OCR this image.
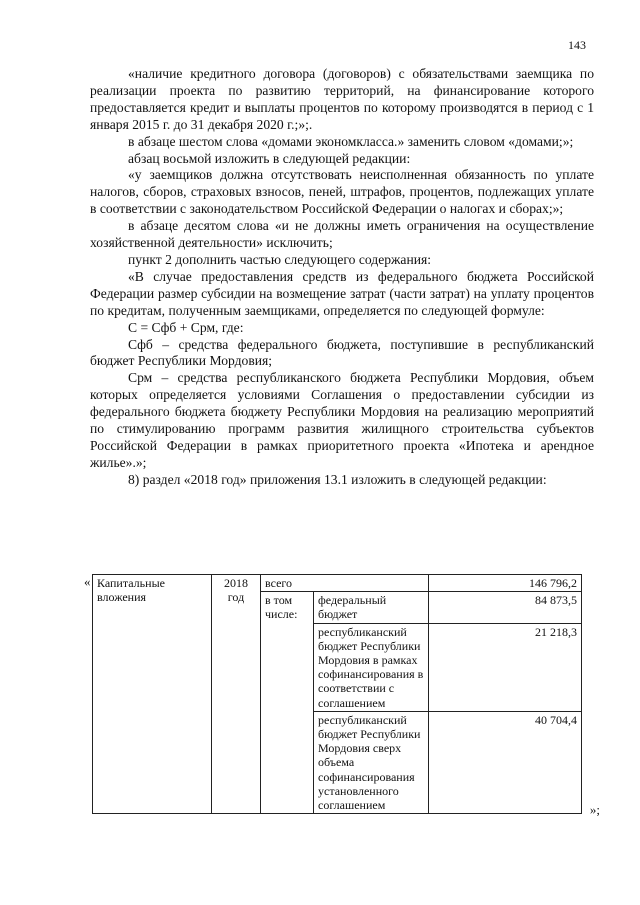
143

«наличие кредитного договора (договоров) с обязательствами заемщика по реализации проекта по развитию территорий, на финансирование которого предоставляется кредит и выплаты процентов по которому производятся в период с 1 января 2015 г. до 31 декабря 2020 г.;»;.

в абзаце шестом слова «домами экономкласса.» заменить словом «домами;»;

абзац восьмой изложить в следующей редакции:

«у заемщиков должна отсутствовать неисполненная обязанность по уплате налогов, сборов, страховых взносов, пеней, штрафов, процентов, подлежащих уплате в соответствии с законодательством Российской Федерации о налогах и сборах;»;

в абзаце десятом слова «и не должны иметь ограничения на осуществление хозяйственной деятельности» исключить;

пункт 2 дополнить частью следующего содержания:

«В случае предоставления средств из федерального бюджета Российской Федерации размер субсидии на возмещение затрат (части затрат) на уплату процентов по кредитам, полученным заемщиками, определяется по следующей формуле:

С = Сфб + Срм, где:

Сфб – средства федерального бюджета, поступившие в республиканский бюджет Республики Мордовия;

Срм – средства республиканского бюджета Республики Мордовия, объем которых определяется условиями Соглашения о предоставлении субсидии из федерального бюджета бюджету Республики Мордовия на реализацию мероприятий по стимулированию программ развития жилищного строительства субъектов Российской Федерации в рамках приоритетного проекта «Ипотека и арендное жилье».»;

8) раздел «2018 год» приложения 13.1 изложить в следующей редакции:

« Капитальные вложения	2018 год	всего		146 796,2
		в том числе:	федеральный бюджет	84 873,5
			республиканский бюджет Республики Мордовия в рамках софинансирования в соответствии с соглашением	21 218,3
			республиканский бюджет Республики Мордовия сверх объема софинансирования установленного соглашением	40 704,4
»;
